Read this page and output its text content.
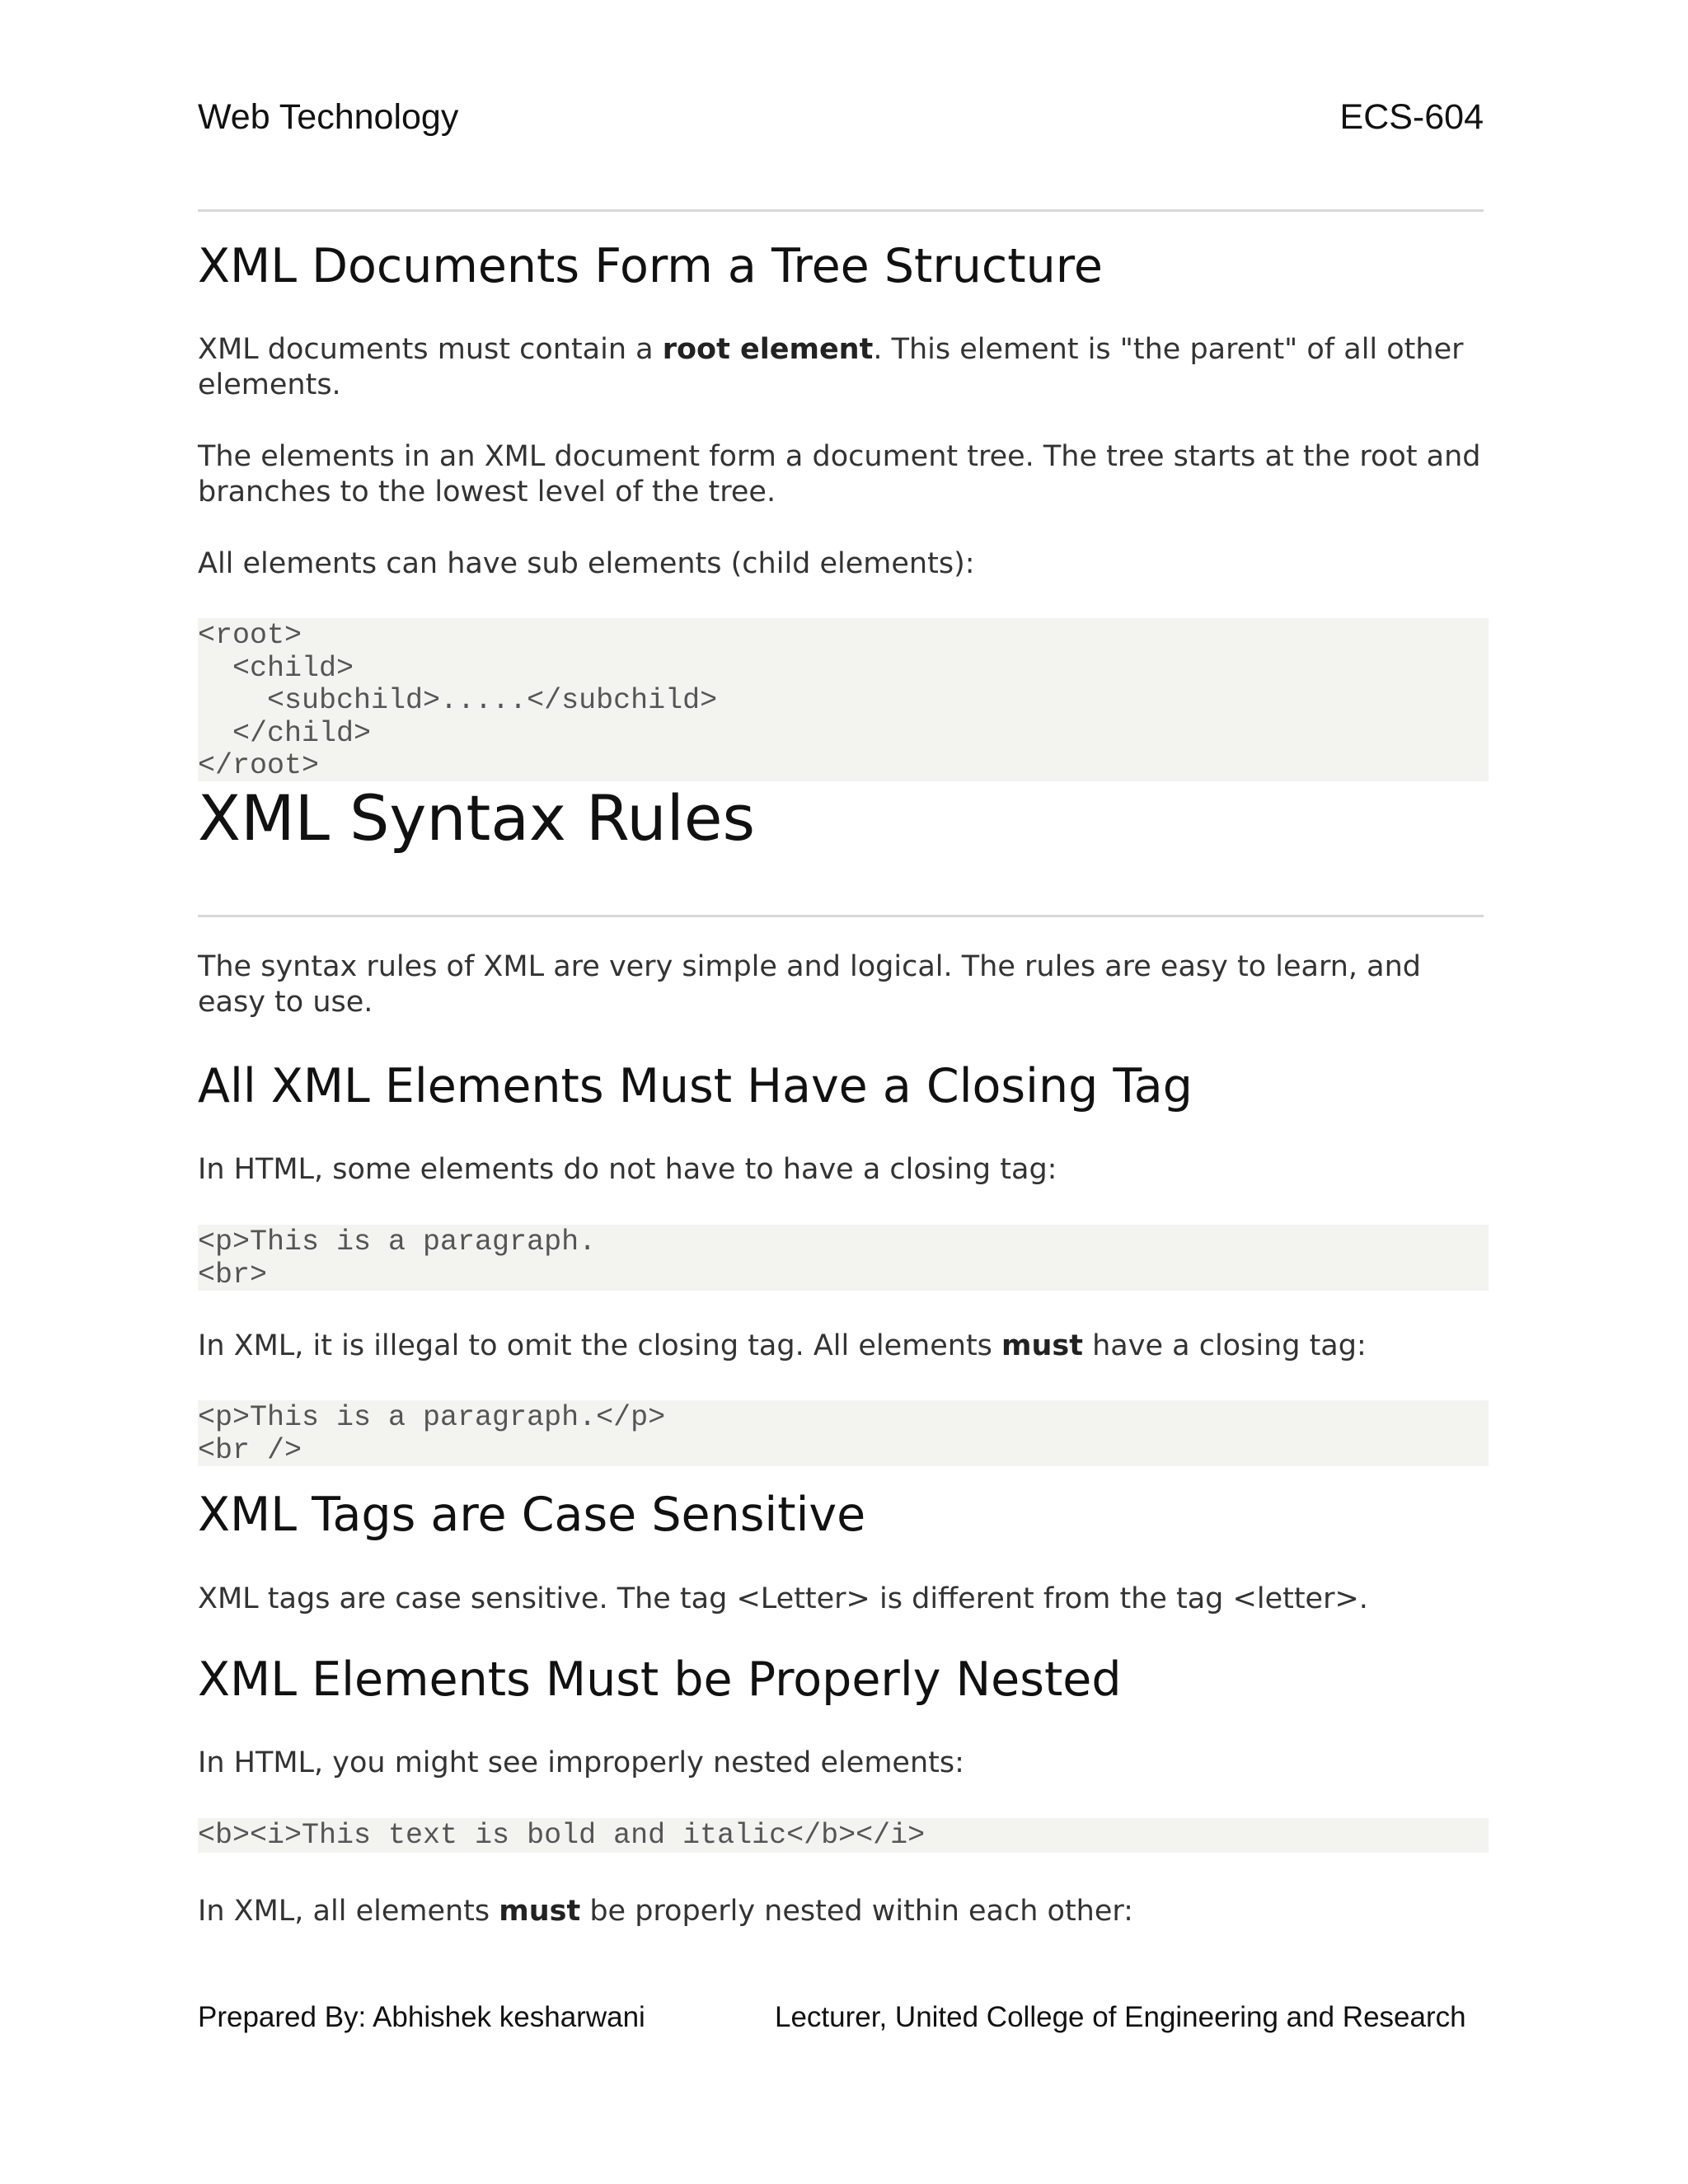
Web Technology	ECS-604
XML Documents Form a Tree Structure

XML documents must contain a root element. This element is "the parent" of all other elements.

The elements in an XML document form a document tree. The tree starts at the root and branches to the lowest level of the tree.

All elements can have sub elements (child elements):

<root>
<child>
<subchild>.....</subchild>
</child>
</root>
XML Syntax Rules

The syntax rules of XML are very simple and logical. The rules are easy to learn, and easy to use.

All XML Elements Must Have a Closing Tag

In HTML, some elements do not have to have a closing tag:

<p>This is a paragraph.
<br>

In XML, it is illegal to omit the closing tag. All elements must have a closing tag:

<p>This is a paragraph.</p>
<br />
XML Tags are Case Sensitive

XML tags are case sensitive. The tag <Letter> is different from the tag <letter>.

XML Elements Must be Properly Nested

In HTML, you might see improperly nested elements:

<b><i>This text is bold and italic</b></i>

In XML, all elements must be properly nested within each other:

Prepared By: Abhishek kesharwani	Lecturer, United College of Engineering and Research
